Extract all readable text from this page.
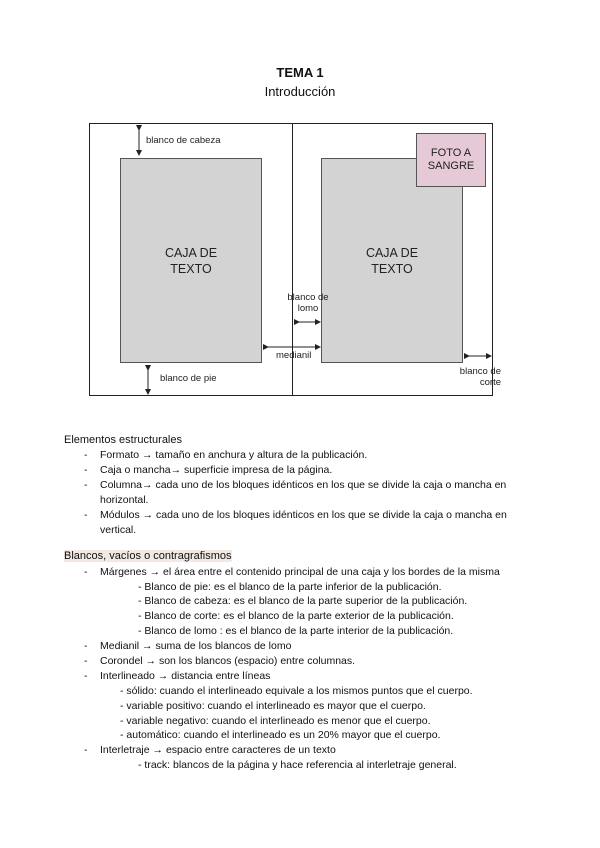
TEMA 1
Introducción
CAJA DE
TEXTO
CAJA DE
TEXTO
FOTO A
SANGRE
blanco de cabeza
blanco de pie
blanco de
lomo
medianil
blanco de
corte
Elementos estructurales
- Formato → tamaño en anchura y altura de la publicación.
- Caja o mancha→ superficie impresa de la página.
- Columna→ cada uno de los bloques idénticos en los que se divide la caja o mancha en
horizontal.
- Módulos → cada uno de los bloques idénticos en los que se divide la caja o mancha en
vertical.
Blancos, vacíos o contragrafismos
- Márgenes → el área entre el contenido principal de una caja y los bordes de la misma
- Blanco de pie: es el blanco de la parte inferior de la publicación.
- Blanco de cabeza: es el blanco de la parte superior de la publicación.
- Blanco de corte: es el blanco de la parte exterior de la publicación.
- Blanco de lomo : es el blanco de la parte interior de la publicación.
- Medianil → suma de los blancos de lomo
- Corondel → son los blancos (espacio) entre columnas.
- Interlineado → distancia entre líneas
- sólido: cuando el interlineado equivale a los mismos puntos que el cuerpo.
- variable positivo: cuando el interlineado es mayor que el cuerpo.
- variable negativo: cuando el interlineado es menor que el cuerpo.
- automático: cuando el interlineado es un 20% mayor que el cuerpo.
- Interletraje → espacio entre caracteres de un texto
- track: blancos de la página y hace referencia al interletraje general.
